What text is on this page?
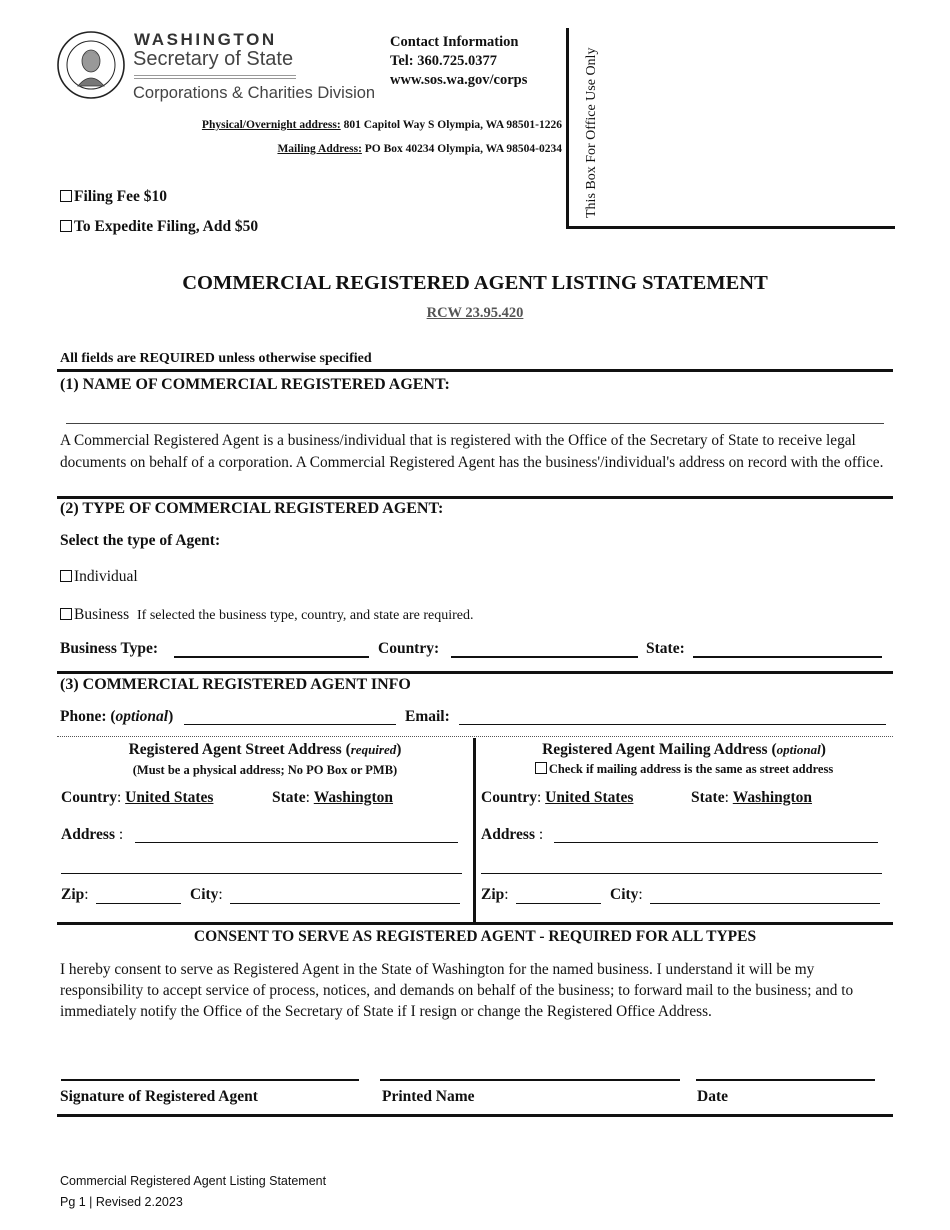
WASHINGTON
Secretary of State
Corporations & Charities Division
Contact Information
Tel: 360.725.0377
www.sos.wa.gov/corps
Physical/Overnight address: 801 Capitol Way S Olympia, WA 98501-1226
Mailing Address: PO Box 40234 Olympia, WA 98504-0234 This Box For Office Use Only
Filing Fee $10
To Expedite Filing, Add $50
COMMERCIAL REGISTERED AGENT LISTING STATEMENT
RCW 23.95.420
All fields are REQUIRED unless otherwise specified
(1) NAME OF COMMERCIAL REGISTERED AGENT:
A Commercial Registered Agent is a business/individual that is registered with the Office of the Secretary of State to receive legal documents on behalf of a corporation. A Commercial Registered Agent has the business'/individual's address on record with the office.
(2) TYPE OF COMMERCIAL REGISTERED AGENT:
Select the type of Agent:
Individual
Business If selected the business type, country, and state are required.
Business Type:	Country:	State:
(3) COMMERCIAL REGISTERED AGENT INFO
Phone: (optional)	Email:
Registered Agent Street Address (required)
(Must be a physical address; No PO Box or PMB)
Country: United States	State: Washington
Address :
Zip:	City:
Registered Agent Mailing Address (optional)
Check if mailing address is the same as street address
Country: United States	State: Washington
Address :
Zip:	City:
CONSENT TO SERVE AS REGISTERED AGENT - REQUIRED FOR ALL TYPES
I hereby consent to serve as Registered Agent in the State of Washington for the named business. I understand it will be my responsibility to accept service of process, notices, and demands on behalf of the business; to forward mail to the business; and to immediately notify the Office of the Secretary of State if I resign or change the Registered Office Address.
Signature of Registered Agent	Printed Name	Date
Commercial Registered Agent Listing Statement
Pg 1 | Revised 2.2023
